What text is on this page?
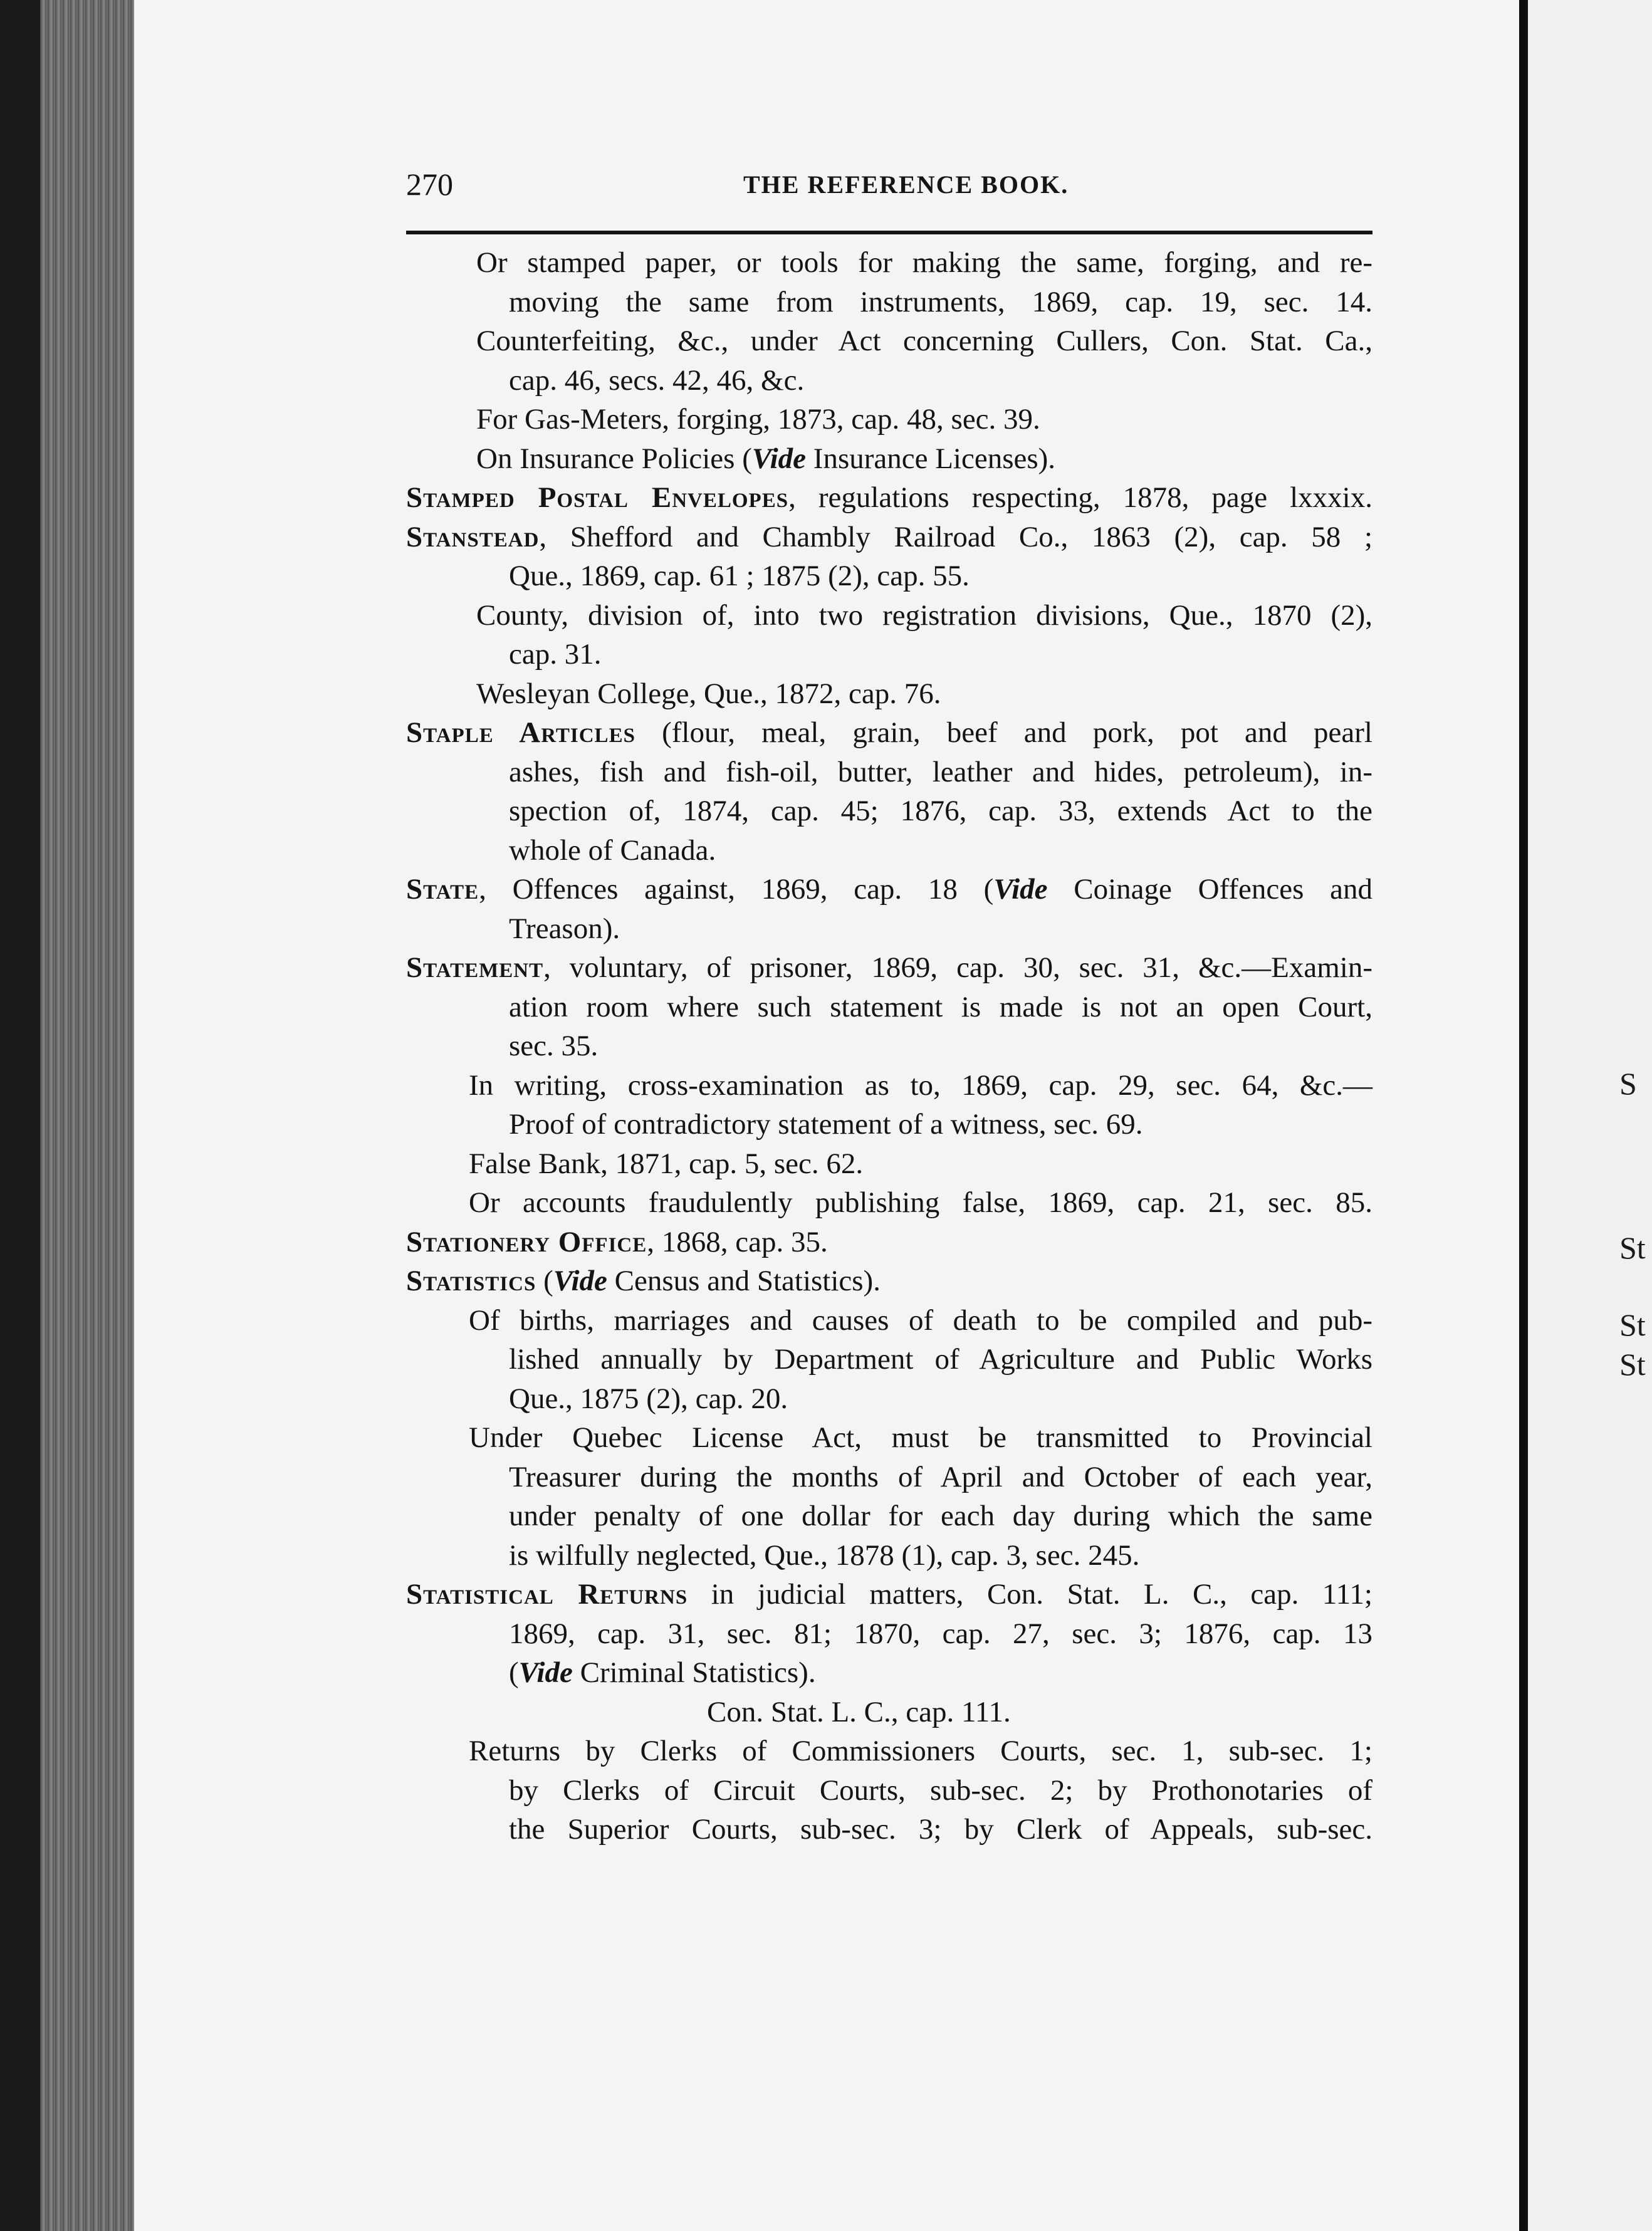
S
St
St
St
270	THE REFERENCE BOOK.
Or stamped paper, or tools for making the same, forging, and re-
moving the same from instruments, 1869, cap. 19, sec. 14.
Counterfeiting, &c., under Act concerning Cullers, Con. Stat. Ca.,
cap. 46, secs. 42, 46, &c.
For Gas-Meters, forging, 1873, cap. 48, sec. 39.
On Insurance Policies (Vide Insurance Licenses).
Stamped Postal Envelopes, regulations respecting, 1878, page lxxxix.
Stanstead, Shefford and Chambly Railroad Co., 1863 (2), cap. 58 ;
Que., 1869, cap. 61 ; 1875 (2), cap. 55.
County, division of, into two registration divisions, Que., 1870 (2),
cap. 31.
Wesleyan College, Que., 1872, cap. 76.
Staple Articles (flour, meal, grain, beef and pork, pot and pearl
ashes, fish and fish-oil, butter, leather and hides, petroleum), in-
spection of, 1874, cap. 45; 1876, cap. 33, extends Act to the
whole of Canada.
State, Offences against, 1869, cap. 18 (Vide Coinage Offences and
Treason).
Statement, voluntary, of prisoner, 1869, cap. 30, sec. 31, &c.—Examin-
ation room where such statement is made is not an open Court,
sec. 35.
In writing, cross-examination as to, 1869, cap. 29, sec. 64, &c.—
Proof of contradictory statement of a witness, sec. 69.
False Bank, 1871, cap. 5, sec. 62.
Or accounts fraudulently publishing false, 1869, cap. 21, sec. 85.
Stationery Office, 1868, cap. 35.
Statistics (Vide Census and Statistics).
Of births, marriages and causes of death to be compiled and pub-
lished annually by Department of Agriculture and Public Works
Que., 1875 (2), cap. 20.
Under Quebec License Act, must be transmitted to Provincial
Treasurer during the months of April and October of each year,
under penalty of one dollar for each day during which the same
is wilfully neglected, Que., 1878 (1), cap. 3, sec. 245.
Statistical Returns in judicial matters, Con. Stat. L. C., cap. 111;
1869, cap. 31, sec. 81; 1870, cap. 27, sec. 3; 1876, cap. 13
(Vide Criminal Statistics).
Con. Stat. L. C., cap. 111.
Returns by Clerks of Commissioners Courts, sec. 1, sub-sec. 1;
by Clerks of Circuit Courts, sub-sec. 2; by Prothonotaries of
the Superior Courts, sub-sec. 3; by Clerk of Appeals, sub-sec.
